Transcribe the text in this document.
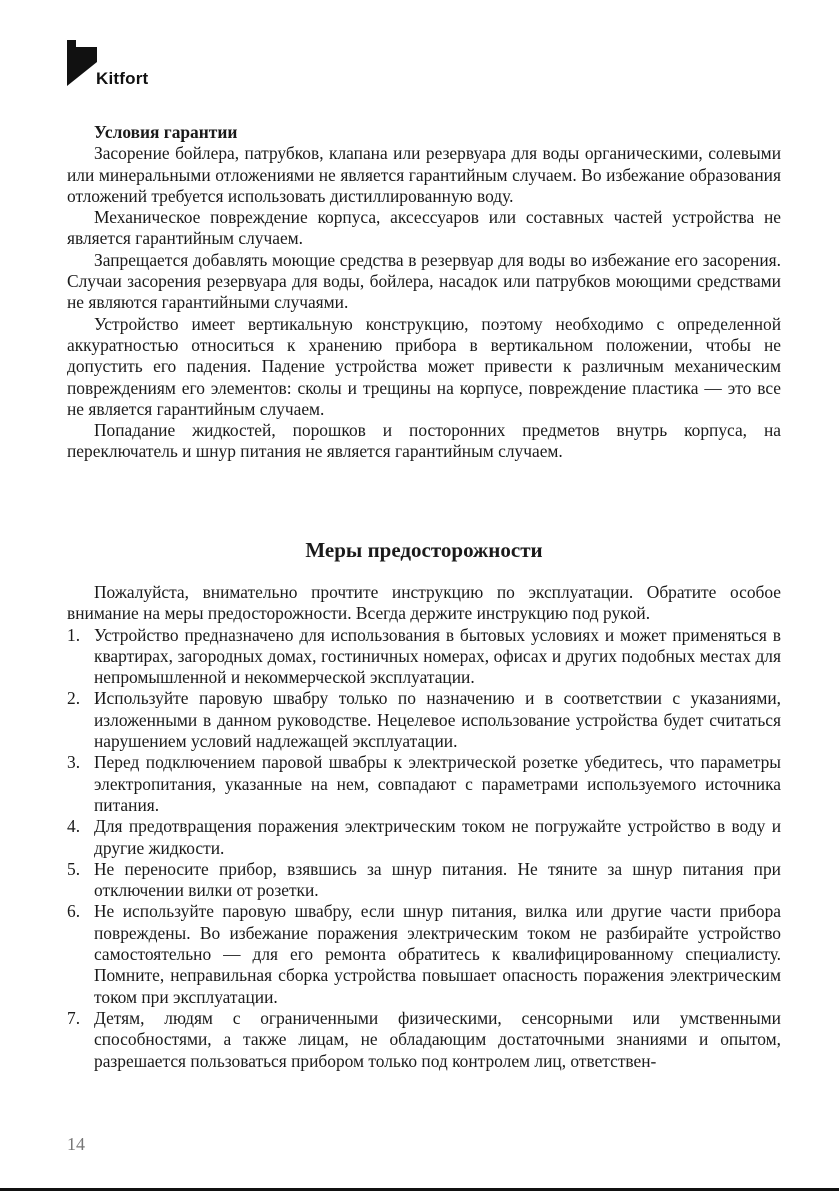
Kitfort

Условия гарантии

Засорение бойлера, патрубков, клапана или резервуара для воды органическими, солевыми или минеральными отложениями не является гарантийным случаем. Во избежание образования отложений требуется использовать дистиллированную воду.

Механическое повреждение корпуса, аксессуаров или составных частей устройства не является гарантийным случаем.

Запрещается добавлять моющие средства в резервуар для воды во избежание его засорения. Случаи засорения резервуара для воды, бойлера, насадок или патрубков моющими средствами не являются гарантийными случаями.

Устройство имеет вертикальную конструкцию, поэтому необходимо с определенной аккуратностью относиться к хранению прибора в вертикальном положении, чтобы не допустить его падения. Падение устройства может привести к различным механическим повреждениям его элементов: сколы и трещины на корпусе, повреждение пластика — это все не является гарантийным случаем.

Попадание жидкостей, порошков и посторонних предметов внутрь корпуса, на переключатель и шнур питания не является гарантийным случаем.

Меры предосторожности

Пожалуйста, внимательно прочтите инструкцию по эксплуатации. Обратите особое внимание на меры предосторожности. Всегда держите инструкцию под рукой.

1. Устройство предназначено для использования в бытовых условиях и может применяться в квартирах, загородных домах, гостиничных номерах, офисах и других подобных местах для непромышленной и некоммерческой эксплуатации.
2. Используйте паровую швабру только по назначению и в соответствии с указаниями, изложенными в данном руководстве. Нецелевое использование устройства будет считаться нарушением условий надлежащей эксплуатации.
3. Перед подключением паровой швабры к электрической розетке убедитесь, что параметры электропитания, указанные на нем, совпадают с параметрами используемого источника питания.
4. Для предотвращения поражения электрическим током не погружайте устройство в воду и другие жидкости.
5. Не переносите прибор, взявшись за шнур питания. Не тяните за шнур питания при отключении вилки от розетки.
6. Не используйте паровую швабру, если шнур питания, вилка или другие части прибора повреждены. Во избежание поражения электрическим током не разбирайте устройство самостоятельно — для его ремонта обратитесь к квалифицированному специалисту. Помните, неправильная сборка устройства повышает опасность поражения электрическим током при эксплуатации.
7. Детям, людям с ограниченными физическими, сенсорными или умственными способностями, а также лицам, не обладающим достаточными знаниями и опытом, разрешается пользоваться прибором только под контролем лиц, ответствен-
14
